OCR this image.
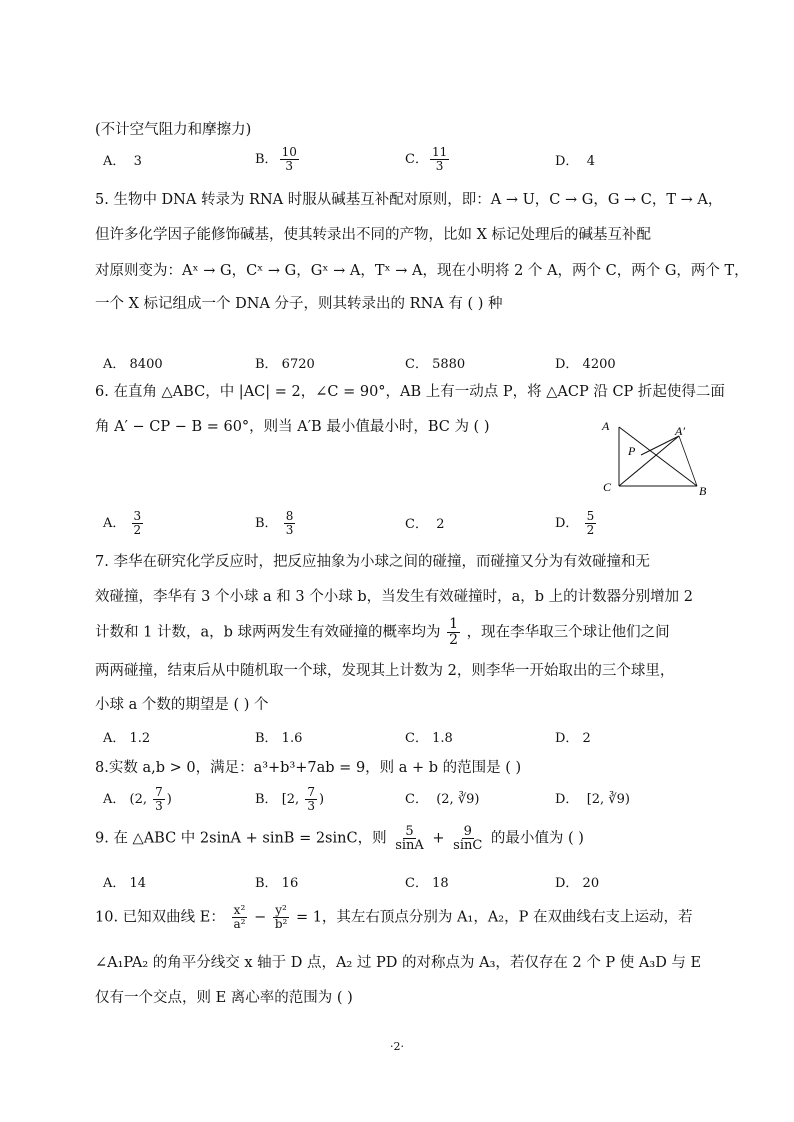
(不计空气阻力和摩擦力)
A． 3	B． $\frac{10}{3}$	C． $\frac{11}{3}$	D． 4
5. 生物中 DNA 转录为 RNA 时服从碱基互补配对原则，即：A → U，C → G，G → C，T → A，
但许多化学因子能修饰碱基，使其转录出不同的产物，比如 X 标记处理后的碱基互补配
对原则变为：Aˣ → G，Cˣ → G，Gˣ → A，Tˣ → A，现在小明将 2 个 A，两个 C，两个 G，两个 T，
一个 X 标记组成一个 DNA 分子，则其转录出的 RNA 有 ( ) 种
A． 8400	B． 6720	C． 5880	D． 4200
6. 在直角 △ABC，中 |AC| = 2，∠C = 90°，AB 上有一动点 P，将 △ACP 沿 CP 折起使得二面
角 A′ − CP − B = 60°，则当 A′B 最小值最小时，BC 为 ( )	A	A′
P
C	B
A． $\frac{3}{2}$	B． $\frac{8}{3}$	C． 2	D． $\frac{5}{2}$
7. 李华在研究化学反应时，把反应抽象为小球之间的碰撞，而碰撞又分为有效碰撞和无
效碰撞，李华有 3 个小球 a 和 3 个小球 b，当发生有效碰撞时，a，b 上的计数器分别增加 2
计数和 1 计数，a，b 球两两发生有效碰撞的概率均为 $\frac{1}{2}$ ，现在李华取三个球让他们之间
两两碰撞，结束后从中随机取一个球，发现其上计数为 2，则李华一开始取出的三个球里，
小球 a 个数的期望是 ( ) 个
A． 1.2	B． 1.6	C． 1.8	D． 2
8.实数 a,b > 0，满足：a³+b³+7ab = 9，则 a + b 的范围是 ( )
A． (2, $\frac{7}{3}$ )	B． [2, $\frac{7}{3}$ )	C． (2, ∛9)	D． [2, ∛9)
9. 在 △ABC 中 2sinA + sinB = 2sinC，则 $\frac{5}{\sin A} + \frac{9}{\sin C}$ 的最小值为 ( )
A． 14	B． 16	C． 18	D． 20
10. 已知双曲线 E： $\frac{\text{x²}}{\text{a²}} - \frac{\text{y²}}{\text{b²}} = 1$，其左右顶点分别为 A₁，A₂，P 在双曲线右支上运动，若
∠A₁PA₂ 的角平分线交 x 轴于 D 点，A₂ 过 PD 的对称点为 A₃，若仅存在 2 个 P 使 A₃D 与 E
仅有一个交点，则 E 离心率的范围为 ( )
·2·
